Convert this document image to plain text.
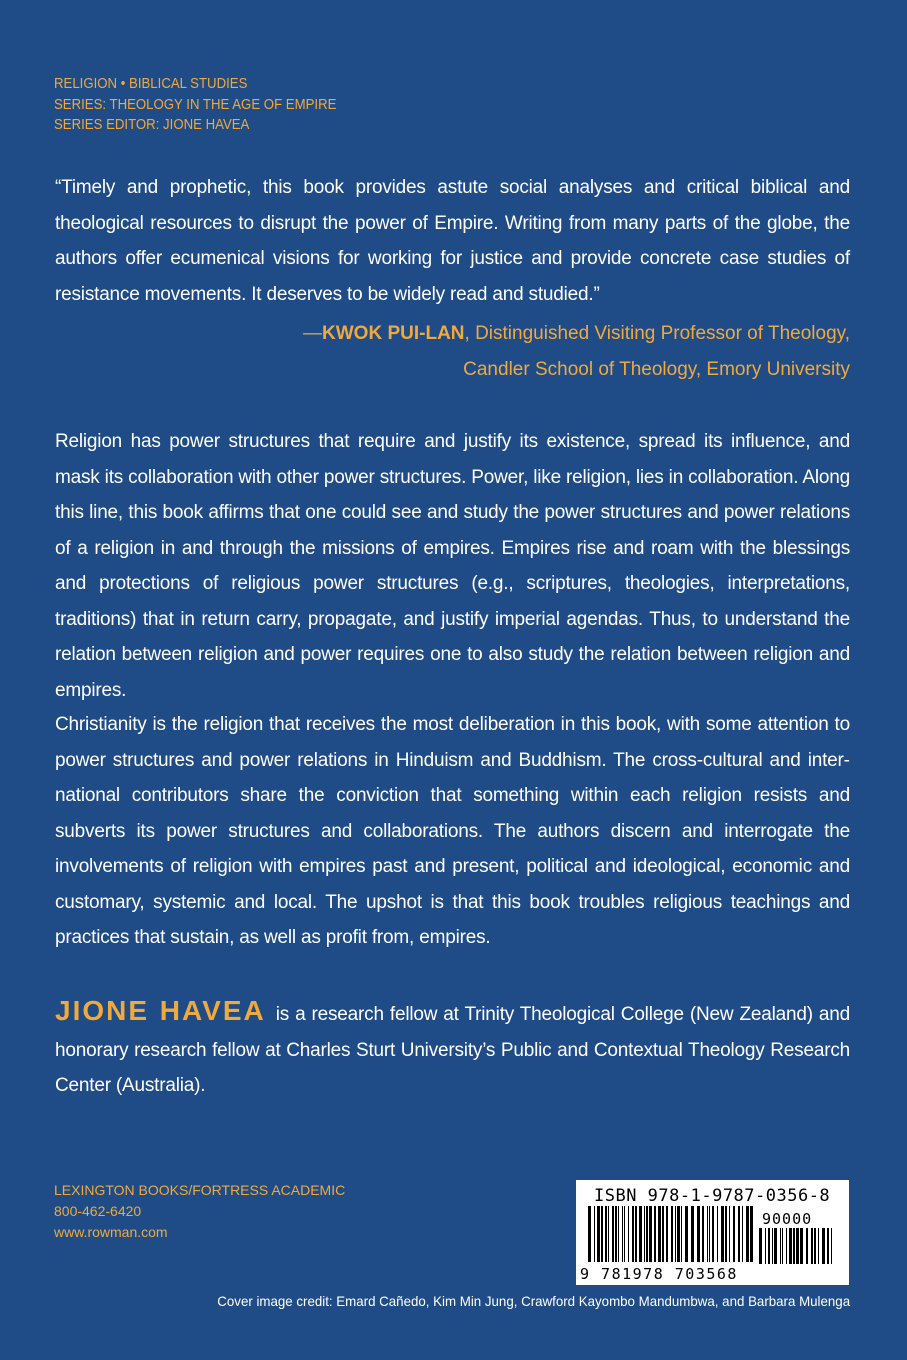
RELIGION • BIBLICAL STUDIES
SERIES: THEOLOGY IN THE AGE OF EMPIRE
SERIES EDITOR: JIONE HAVEA
“Timely and prophetic, this book provides astute social analyses and critical biblical and theological resources to disrupt the power of Empire. Writing from many parts of the globe, the authors offer ecumenical visions for working for justice and provide concrete case studies of resistance movements. It deserves to be widely read and studied.”
—KWOK PUI-LAN, Distinguished Visiting Professor of Theology,
Candler School of Theology, Emory University
Religion has power structures that require and justify its existence, spread its influence, and mask its collaboration with other power structures. Power, like religion, lies in collaboration. Along this line, this book affirms that one could see and study the power structures and power relations of a religion in and through the missions of empires. Empires rise and roam with the blessings and protections of religious power structures (e.g., scriptures, theologies, interpretations, traditions) that in return carry, propagate, and justify imperial agendas. Thus, to understand the relation between religion and power requires one to also study the relation between religion and empires.
Christianity is the religion that receives the most deliberation in this book, with some attention to power structures and power relations in Hinduism and Buddhism. The cross-cultural and international contributors share the conviction that something within each religion resists and subverts its power structures and collaborations. The authors discern and interrogate the involvements of religion with empires past and present, political and ideological, economic and customary, systemic and local. The upshot is that this book troubles religious teachings and practices that sustain, as well as profit from, empires.
JIONE HAVEA is a research fellow at Trinity Theological College (New Zealand) and honorary research fellow at Charles Sturt University’s Public and Contextual Theology Research Center (Australia).
LEXINGTON BOOKS/FORTRESS ACADEMIC
800-462-6420
www.rowman.com
ISBN 978-1-9787-0356-8
90000
9 781978 703568
Cover image credit: Emard Cañedo, Kim Min Jung, Crawford Kayombo Mandumbwa, and Barbara Mulenga
